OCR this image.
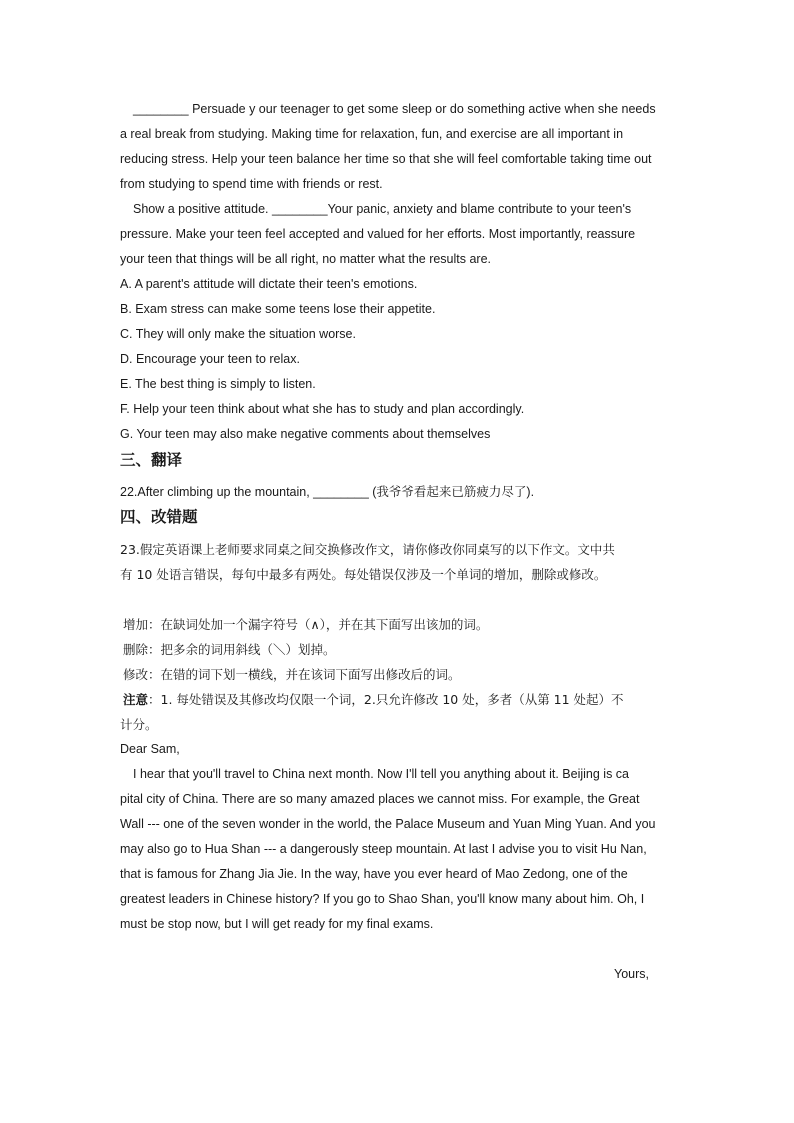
________ Persuade y our teenager to get some sleep or do something active when she needs
a real break from studying. Making time for relaxation, fun, and exercise are all important in
reducing stress. Help your teen balance her time so that she will feel comfortable taking time out
from studying to spend time with friends or rest.
Show a positive attitude. ________Your panic, anxiety and blame contribute to your teen's
pressure. Make your teen feel accepted and valued for her efforts. Most importantly, reassure
your teen that things will be all right, no matter what the results are.
A. A parent's attitude will dictate their teen's emotions.
B. Exam stress can make some teens lose their appetite.
C. They will only make the situation worse.
D. Encourage your teen to relax.
E. The best thing is simply to listen.
F. Help your teen think about what she has to study and plan accordingly.
G. Your teen may also make negative comments about themselves
三、翻译
22.After climbing up the mountain, ________ (我爷爷看起来已筋疲力尽了).
四、改错题
23.假定英语课上老师要求同桌之间交换修改作文，请你修改你同桌写的以下作文。文中共
有 10 处语言错误，每句中最多有两处。每处错误仅涉及一个单词的增加，删除或修改。
增加：在缺词处加一个漏字符号（∧），并在其下面写出该加的词。
删除：把多余的词用斜线（＼）划掉。
修改：在错的词下划一横线，并在该词下面写出修改后的词。
注意：1. 每处错误及其修改均仅限一个词，2.只允许修改 10 处，多者（从第 11 处起）不
计分。
Dear Sam,
I hear that you'll travel to China next month. Now I'll tell you anything about it. Beijing is ca
pital city of China. There are so many amazed places we cannot miss. For example, the Great
Wall --- one of the seven wonder in the world, the Palace Museum and Yuan Ming Yuan. And you
may also go to Hua Shan --- a dangerously steep mountain. At last I advise you to visit Hu Nan,
that is famous for Zhang Jia Jie. In the way, have you ever heard of Mao Zedong, one of the
greatest leaders in Chinese history? If you go to Shao Shan, you'll know many about him. Oh, I
must be stop now, but I will get ready for my final exams.
Yours,
